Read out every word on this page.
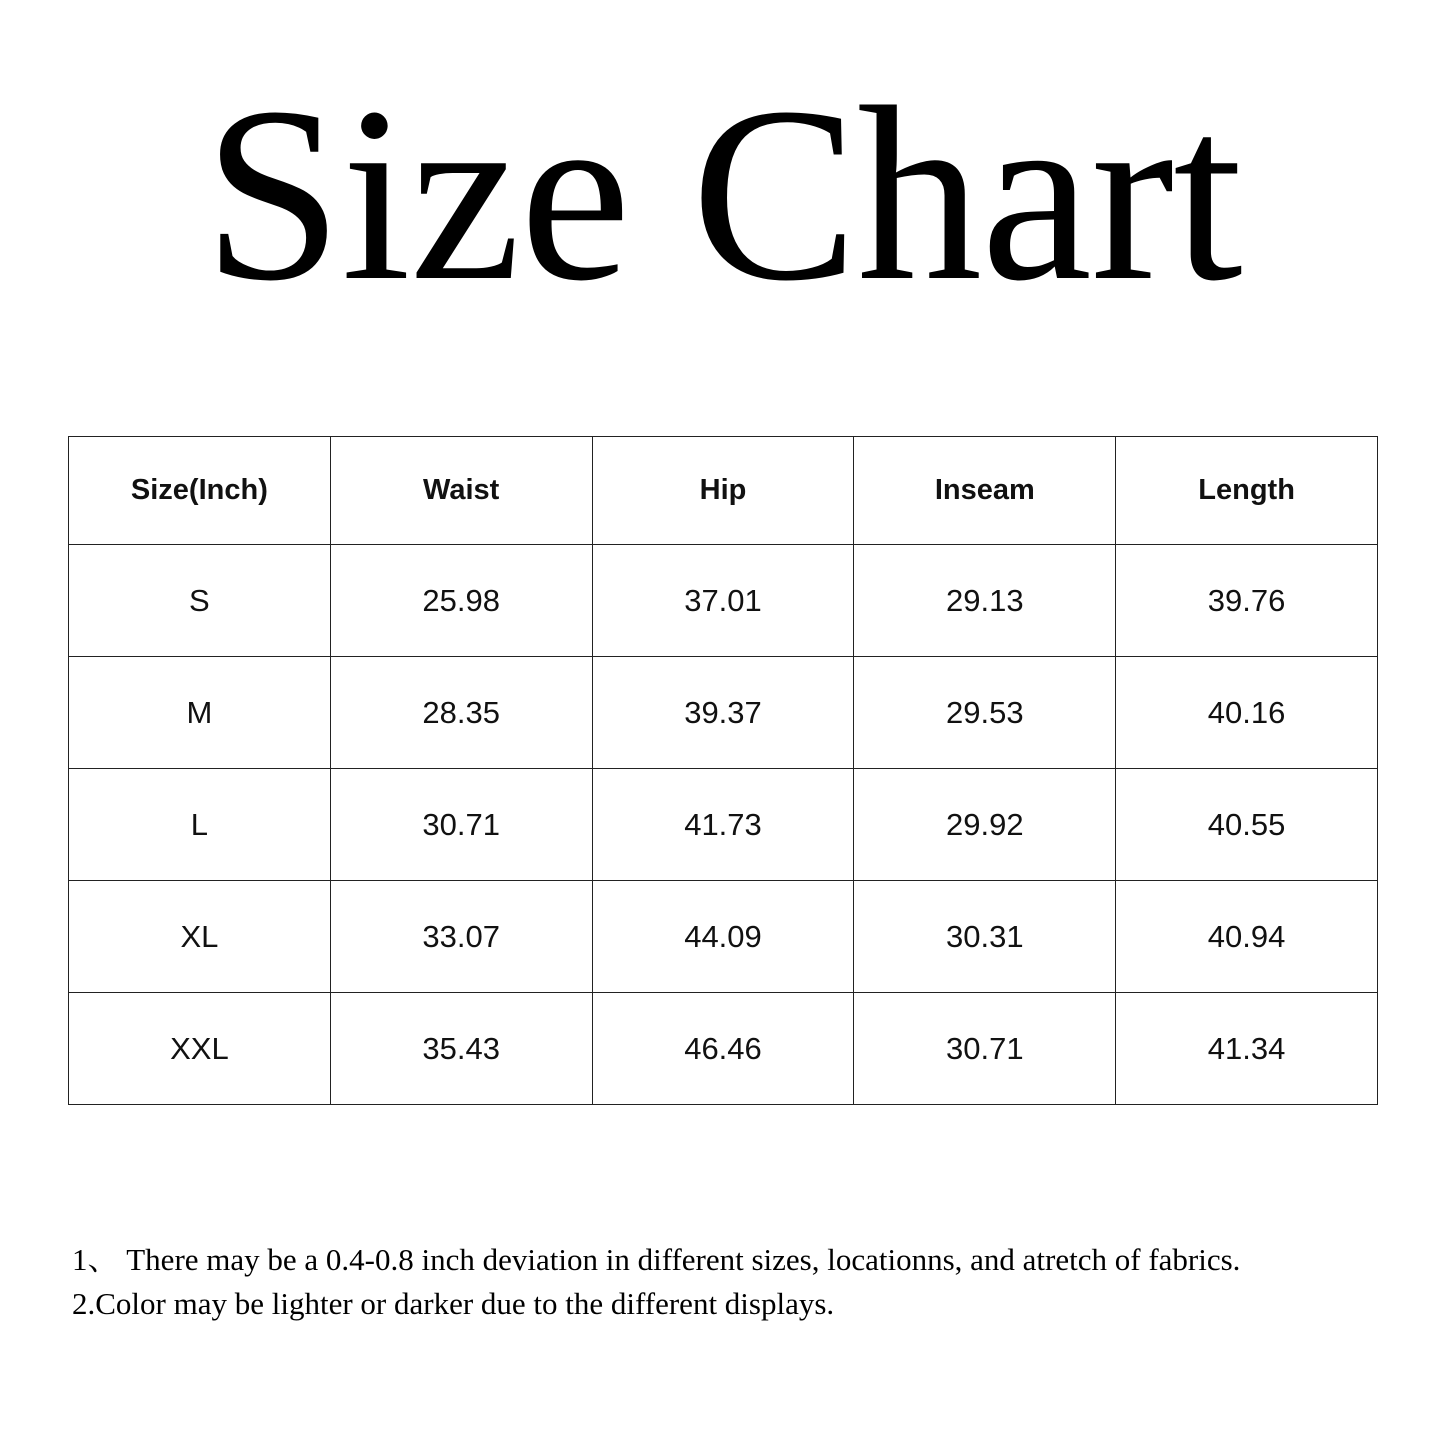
Size Chart
Size(Inch)	Waist	Hip	Inseam	Length
S	25.98	37.01	29.13	39.76
M	28.35	39.37	29.53	40.16
L	30.71	41.73	29.92	40.55
XL	33.07	44.09	30.31	40.94
XXL	35.43	46.46	30.71	41.34
1、 There may be a 0.4-0.8 inch deviation in different sizes, locationns, and atretch of fabrics.
2.Color may be lighter or darker due to the different displays.
